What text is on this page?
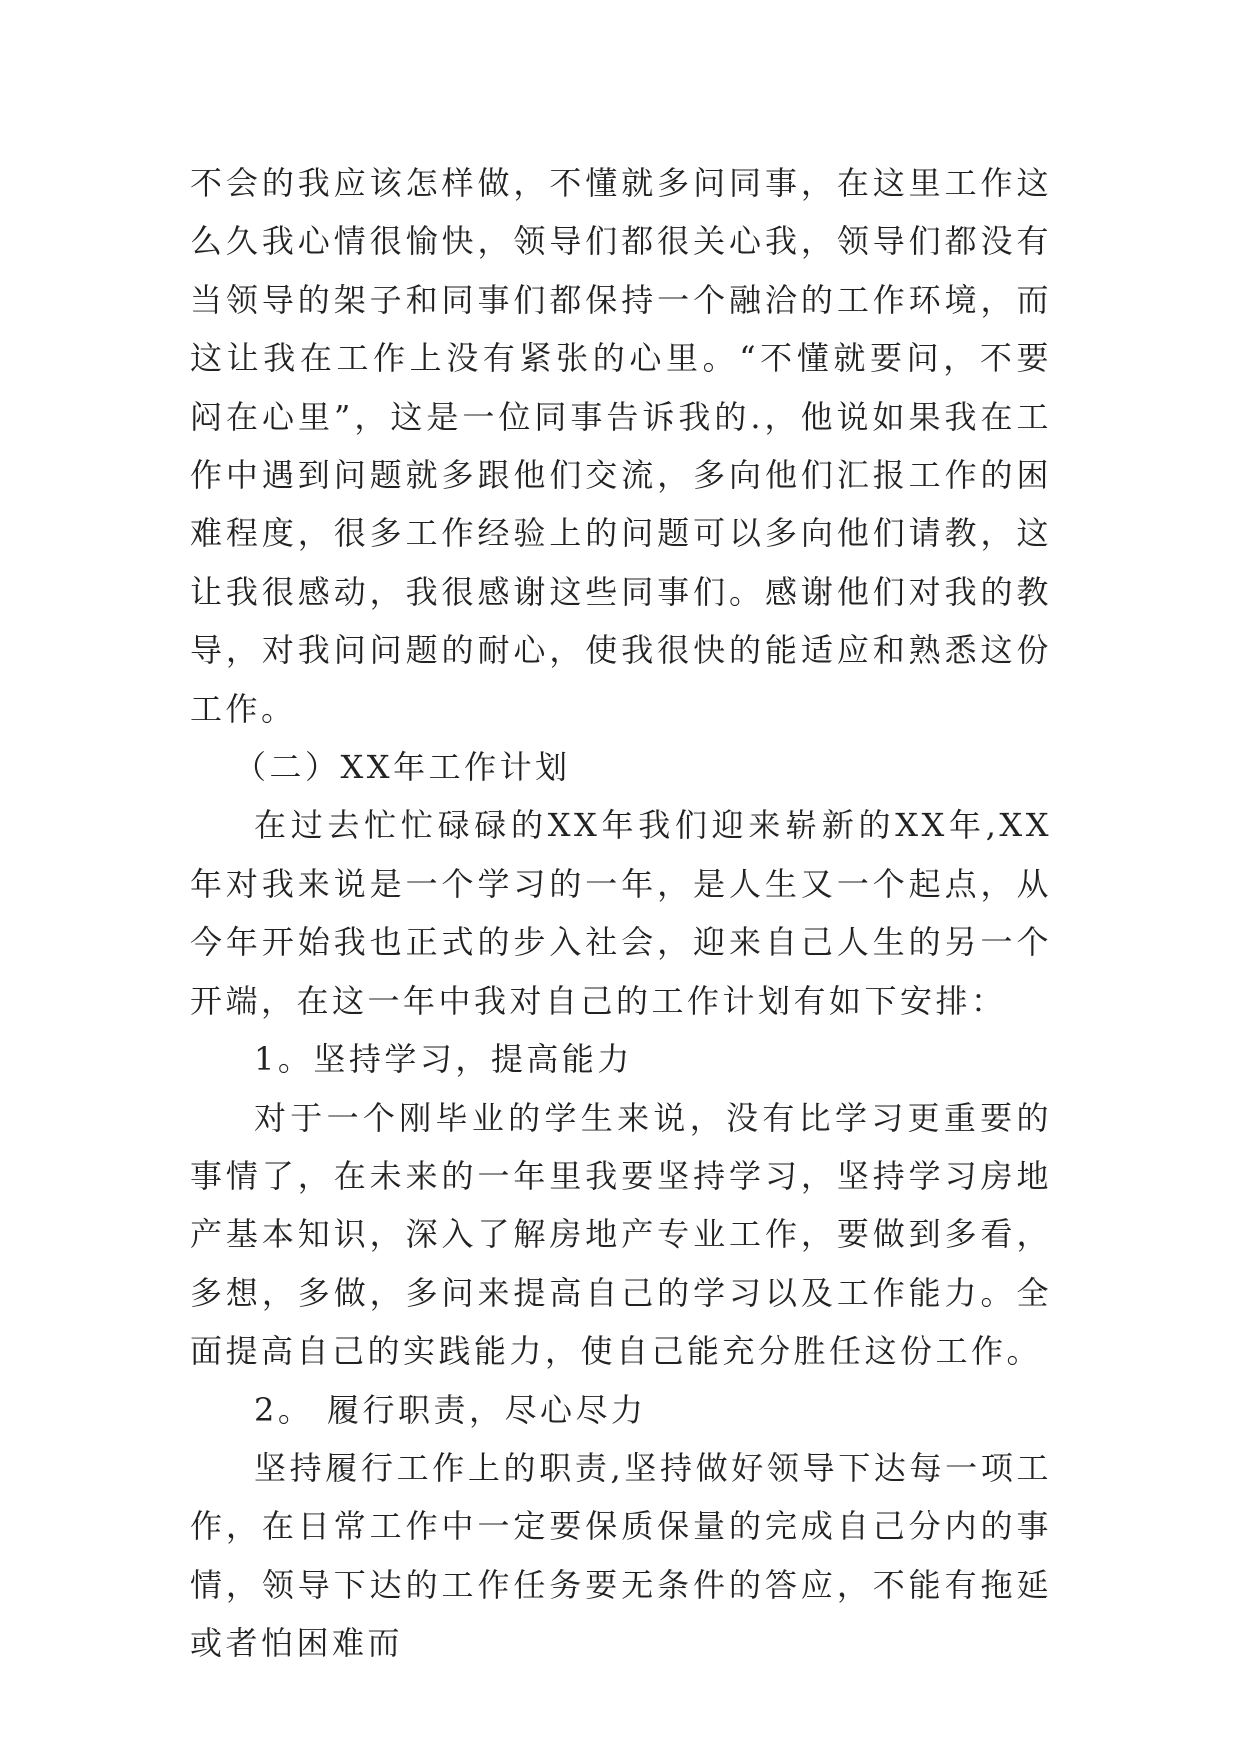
不会的我应该怎样做，不懂就多问同事，在这里工作这么久我心情很愉快，领导们都很关心我，领导们都没有当领导的架子和同事们都保持一个融洽的工作环境，而这让我在工作上没有紧张的心里。“不懂就要问，不要闷在心里”，这是一位同事告诉我的.，他说如果我在工作中遇到问题就多跟他们交流，多向他们汇报工作的困难程度，很多工作经验上的问题可以多向他们请教，这让我很感动，我很感谢这些同事们。感谢他们对我的教导，对我问问题的耐心，使我很快的能适应和熟悉这份工作。

（二）XX年工作计划

在过去忙忙碌碌的XX年我们迎来崭新的XX年,XX年对我来说是一个学习的一年，是人生又一个起点，从今年开始我也正式的步入社会，迎来自己人生的另一个开端，在这一年中我对自己的工作计划有如下安排：

1。坚持学习，提高能力

对于一个刚毕业的学生来说，没有比学习更重要的事情了，在未来的一年里我要坚持学习，坚持学习房地产基本知识，深入了解房地产专业工作，要做到多看，多想，多做，多问来提高自己的学习以及工作能力。全面提高自己的实践能力，使自己能充分胜任这份工作。

2。 履行职责，尽心尽力

坚持履行工作上的职责,坚持做好领导下达每一项工作，在日常工作中一定要保质保量的完成自己分内的事情，领导下达的工作任务要无条件的答应，不能有拖延或者怕困难而
